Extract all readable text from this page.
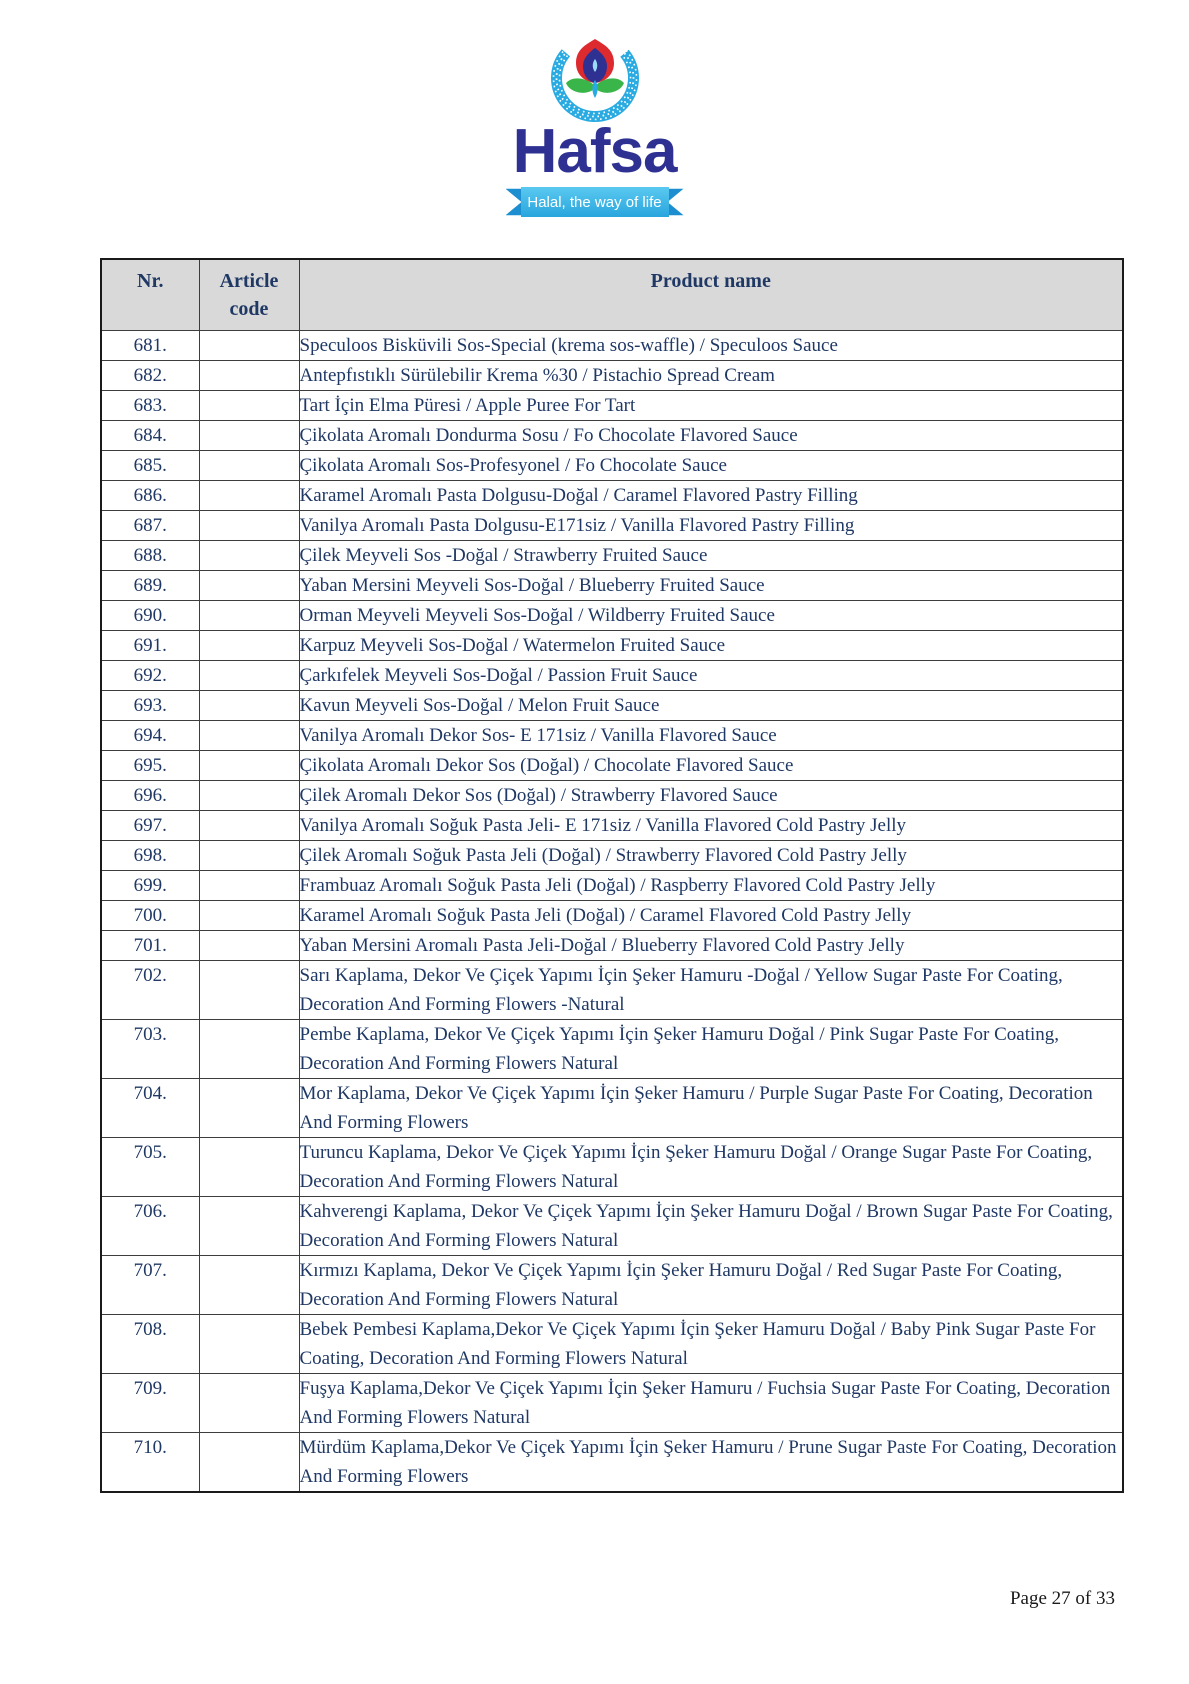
Hafsa
Halal, the way of life
Nr.	Article code	Product name
681.		Speculoos Bisküvili Sos-Special (krema sos-waffle) / Speculoos Sauce
682.		Antepfıstıklı Sürülebilir Krema %30 / Pistachio Spread Cream
683.		Tart İçin Elma Püresi / Apple Puree For Tart
684.		Çikolata Aromalı Dondurma Sosu / Fo Chocolate Flavored Sauce
685.		Çikolata Aromalı Sos-Profesyonel / Fo Chocolate Sauce
686.		Karamel Aromalı Pasta Dolgusu-Doğal / Caramel Flavored Pastry Filling
687.		Vanilya Aromalı Pasta Dolgusu-E171siz / Vanilla Flavored Pastry Filling
688.		Çilek Meyveli Sos -Doğal / Strawberry Fruited Sauce
689.		Yaban Mersini Meyveli Sos-Doğal / Blueberry Fruited Sauce
690.		Orman Meyveli Meyveli Sos-Doğal / Wildberry Fruited Sauce
691.		Karpuz Meyveli Sos-Doğal / Watermelon Fruited Sauce
692.		Çarkıfelek Meyveli Sos-Doğal / Passion Fruit Sauce
693.		Kavun Meyveli Sos-Doğal / Melon Fruit Sauce
694.		Vanilya Aromalı Dekor Sos- E 171siz / Vanilla Flavored Sauce
695.		Çikolata Aromalı Dekor Sos (Doğal) / Chocolate Flavored Sauce
696.		Çilek Aromalı Dekor Sos (Doğal) / Strawberry Flavored Sauce
697.		Vanilya Aromalı Soğuk Pasta Jeli- E 171siz / Vanilla Flavored Cold Pastry Jelly
698.		Çilek Aromalı Soğuk Pasta Jeli (Doğal) / Strawberry Flavored Cold Pastry Jelly
699.		Frambuaz Aromalı Soğuk Pasta Jeli (Doğal) / Raspberry Flavored Cold Pastry Jelly
700.		Karamel Aromalı Soğuk Pasta Jeli (Doğal) / Caramel Flavored Cold Pastry Jelly
701.		Yaban Mersini Aromalı Pasta Jeli-Doğal / Blueberry Flavored Cold Pastry Jelly
702.		Sarı Kaplama, Dekor Ve Çiçek Yapımı İçin Şeker Hamuru -Doğal / Yellow Sugar Paste For Coating, Decoration And Forming Flowers -Natural
703.		Pembe Kaplama, Dekor Ve Çiçek Yapımı İçin Şeker Hamuru Doğal / Pink Sugar Paste For Coating, Decoration And Forming Flowers Natural
704.		Mor Kaplama, Dekor Ve Çiçek Yapımı İçin Şeker Hamuru / Purple Sugar Paste For Coating, Decoration And Forming Flowers
705.		Turuncu Kaplama, Dekor Ve Çiçek Yapımı İçin Şeker Hamuru Doğal / Orange Sugar Paste For Coating, Decoration And Forming Flowers Natural
706.		Kahverengi Kaplama, Dekor Ve Çiçek Yapımı İçin Şeker Hamuru Doğal / Brown Sugar Paste For Coating, Decoration And Forming Flowers Natural
707.		Kırmızı Kaplama, Dekor Ve Çiçek Yapımı İçin Şeker Hamuru Doğal / Red Sugar Paste For Coating, Decoration And Forming Flowers Natural
708.		Bebek Pembesi Kaplama,Dekor Ve Çiçek Yapımı İçin Şeker Hamuru Doğal / Baby Pink Sugar Paste For Coating, Decoration And Forming Flowers Natural
709.		Fuşya Kaplama,Dekor Ve Çiçek Yapımı İçin Şeker Hamuru / Fuchsia Sugar Paste For Coating, Decoration And Forming Flowers Natural
710.		Mürdüm Kaplama,Dekor Ve Çiçek Yapımı İçin Şeker Hamuru / Prune Sugar Paste For Coating, Decoration And Forming Flowers
Page 27 of 33
